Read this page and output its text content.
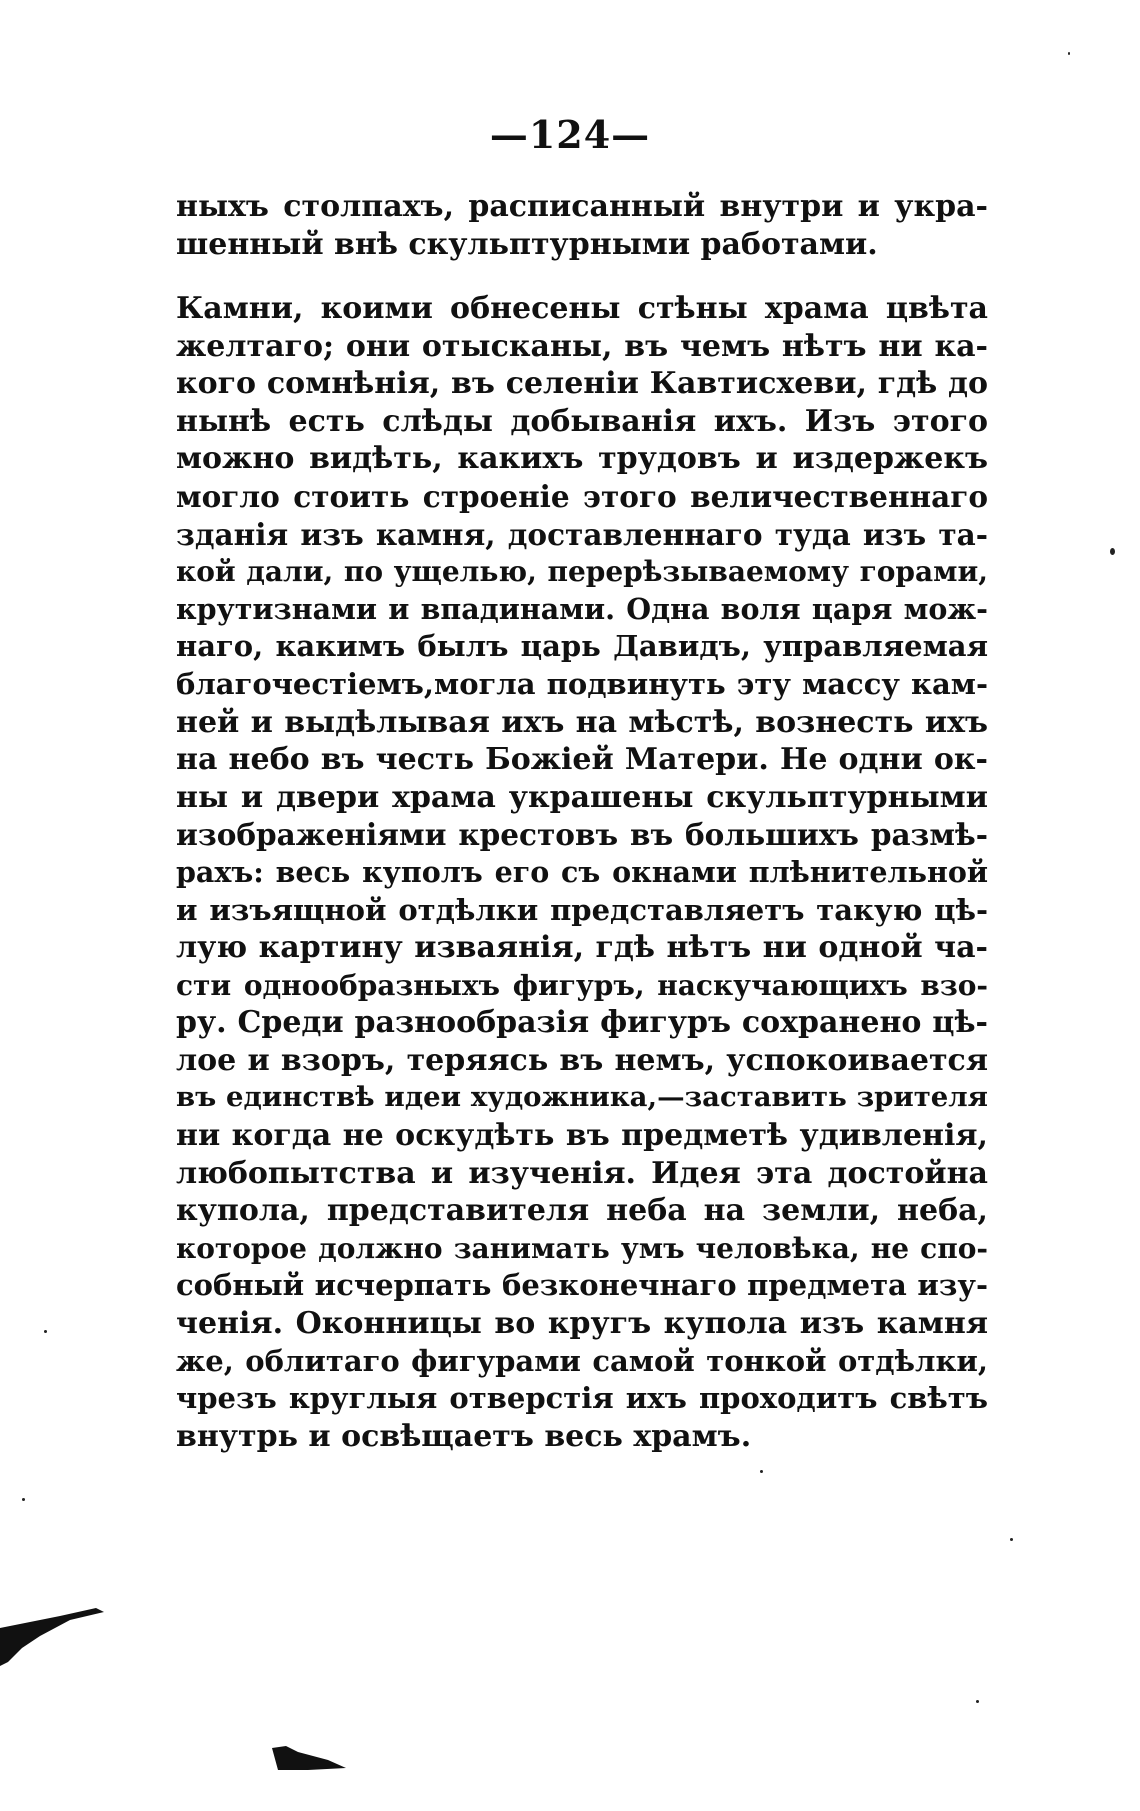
—124—
ныхъ столпахъ, расписанный внутри и укра-
шенный внѣ скульптурными работами.
Камни, коими обнесены стѣны храма цвѣта
желтаго; они отысканы, въ чемъ нѣтъ ни ка-
кого сомнѣнія, въ селеніи Кавтисхеви, гдѣ до
нынѣ есть слѣды добыванія ихъ. Изъ этого
можно видѣть, какихъ трудовъ и издержекъ
могло стоить строеніе этого величественнаго
зданія изъ камня, доставленнаго туда изъ та-
кой дали, по ущелью, перерѣзываемому горами,
крутизнами и впадинами. Одна воля царя мож-
наго, какимъ былъ царь Давидъ, управляемая
благочестіемъ,могла подвинуть эту массу кам-
ней и выдѣлывая ихъ на мѣстѣ, вознесть ихъ
на небо въ честь Божіей Матери. Не одни ок-
ны и двери храма украшены скульптурными
изображеніями крестовъ въ большихъ размѣ-
рахъ: весь куполъ его съ окнами плѣнительной
и изъящной отдѣлки представляетъ такую цѣ-
лую картину изваянія, гдѣ нѣтъ ни одной ча-
сти однообразныхъ фигуръ, наскучающихъ взо-
ру. Среди разнообразія фигуръ сохранено цѣ-
лое и взоръ, теряясь въ немъ, успокоивается
въ единствѣ идеи художника,—заставить зрителя
ни когда не оскудѣть въ предметѣ удивленія,
любопытства и изученія. Идея эта достойна
купола, представителя неба на земли, неба,
которое должно занимать умъ человѣка, не спо-
собный исчерпать безконечнаго предмета изу-
ченія. Оконницы во кругъ купола изъ камня
же, облитаго фигурами самой тонкой отдѣлки,
чрезъ круглыя отверстія ихъ проходитъ свѣтъ
внутрь и освѣщаетъ весь храмъ.
